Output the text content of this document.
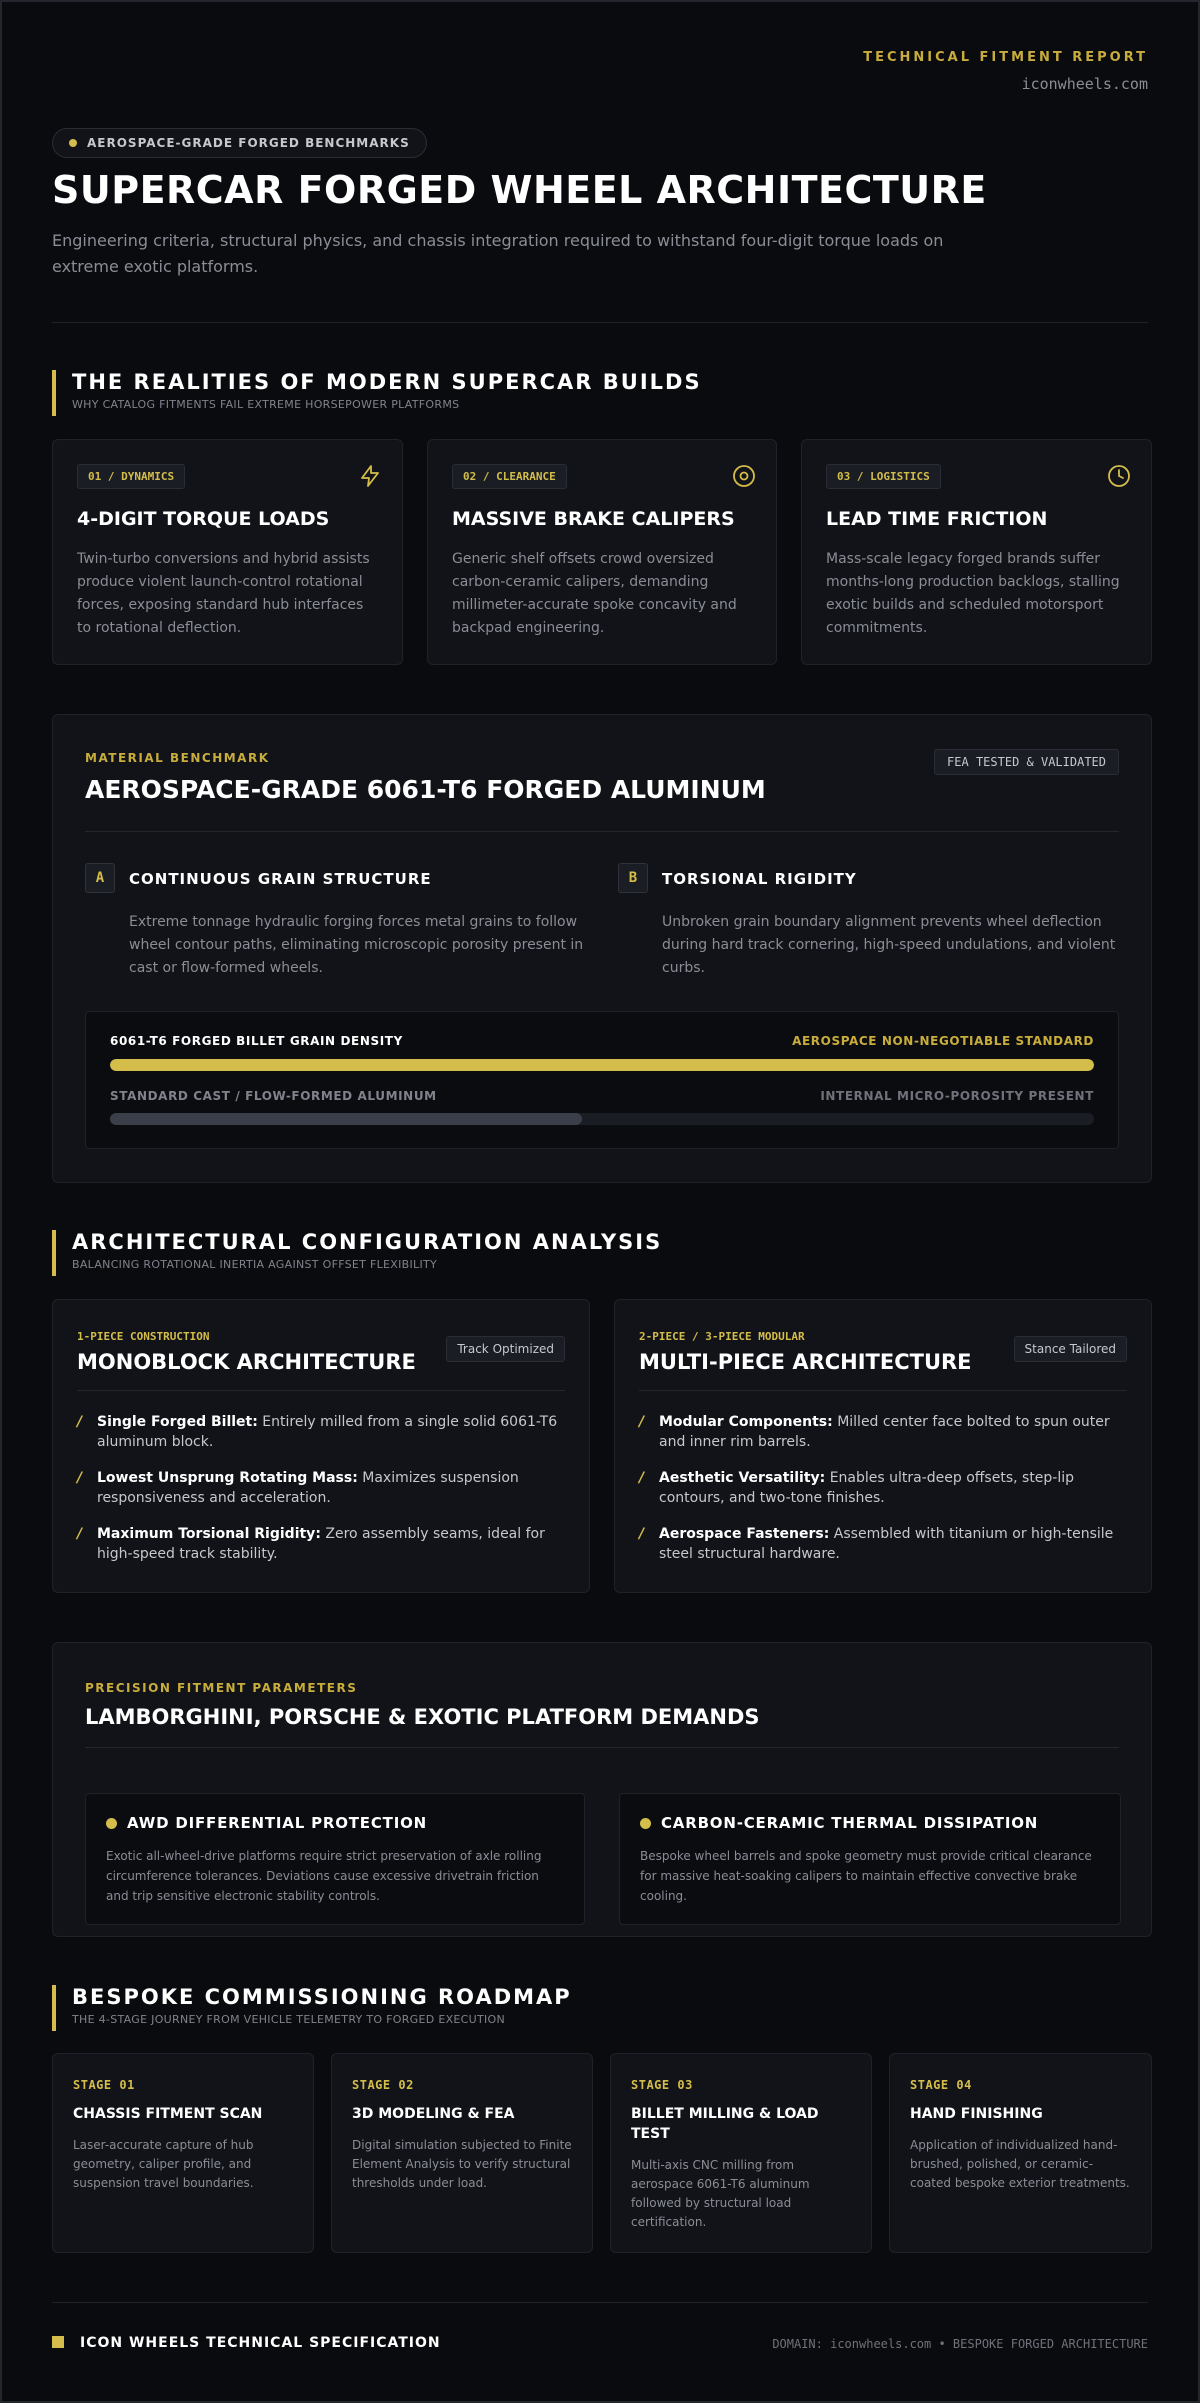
TECHNICAL FITMENT REPORT
iconwheels.com
AEROSPACE-GRADE FORGED BENCHMARKS
SUPERCAR FORGED WHEEL ARCHITECTURE

Engineering criteria, structural physics, and chassis integration required to withstand four-digit torque loads on extreme exotic platforms.

THE REALITIES OF MODERN SUPERCAR BUILDS
WHY CATALOG FITMENTS FAIL EXTREME HORSEPOWER PLATFORMS
01 / DYNAMICS
4-DIGIT TORQUE LOADS
Twin-turbo conversions and hybrid assists produce violent launch-control rotational forces, exposing standard hub interfaces to rotational deflection.
02 / CLEARANCE
MASSIVE BRAKE CALIPERS
Generic shelf offsets crowd oversized carbon-ceramic calipers, demanding millimeter-accurate spoke concavity and backpad engineering.
03 / LOGISTICS
LEAD TIME FRICTION
Mass-scale legacy forged brands suffer months-long production backlogs, stalling exotic builds and scheduled motorsport commitments.
MATERIAL BENCHMARK
AEROSPACE-GRADE 6061-T6 FORGED ALUMINUM
FEA TESTED & VALIDATED
A	CONTINUOUS GRAIN STRUCTURE
Extreme tonnage hydraulic forging forces metal grains to follow wheel contour paths, eliminating microscopic porosity present in cast or flow-formed wheels.
B	TORSIONAL RIGIDITY
Unbroken grain boundary alignment prevents wheel deflection during hard track cornering, high-speed undulations, and violent curbs.
6061-T6 FORGED BILLET GRAIN DENSITY	AEROSPACE NON-NEGOTIABLE STANDARD
STANDARD CAST / FLOW-FORMED ALUMINUM	INTERNAL MICRO-POROSITY PRESENT
ARCHITECTURAL CONFIGURATION ANALYSIS
BALANCING ROTATIONAL INERTIA AGAINST OFFSET FLEXIBILITY
1-PIECE CONSTRUCTION
MONOBLOCK ARCHITECTURE
Track Optimized
/ Single Forged Billet: Entirely milled from a single solid 6061-T6 aluminum block.
/ Lowest Unsprung Rotating Mass: Maximizes suspension responsiveness and acceleration.
/ Maximum Torsional Rigidity: Zero assembly seams, ideal for high-speed track stability.
2-PIECE / 3-PIECE MODULAR
MULTI-PIECE ARCHITECTURE
Stance Tailored
/ Modular Components: Milled center face bolted to spun outer and inner rim barrels.
/ Aesthetic Versatility: Enables ultra-deep offsets, step-lip contours, and two-tone finishes.
/ Aerospace Fasteners: Assembled with titanium or high-tensile steel structural hardware.
PRECISION FITMENT PARAMETERS
LAMBORGHINI, PORSCHE & EXOTIC PLATFORM DEMANDS
AWD DIFFERENTIAL PROTECTION
Exotic all-wheel-drive platforms require strict preservation of axle rolling circumference tolerances. Deviations cause excessive drivetrain friction and trip sensitive electronic stability controls.
CARBON-CERAMIC THERMAL DISSIPATION
Bespoke wheel barrels and spoke geometry must provide critical clearance for massive heat-soaking calipers to maintain effective convective brake cooling.
BESPOKE COMMISSIONING ROADMAP
THE 4-STAGE JOURNEY FROM VEHICLE TELEMETRY TO FORGED EXECUTION
STAGE 01
CHASSIS FITMENT SCAN
Laser-accurate capture of hub geometry, caliper profile, and suspension travel boundaries.
STAGE 02
3D MODELING & FEA
Digital simulation subjected to Finite Element Analysis to verify structural thresholds under load.
STAGE 03
BILLET MILLING & LOAD TEST
Multi-axis CNC milling from aerospace 6061-T6 aluminum followed by structural load certification.
STAGE 04
HAND FINISHING
Application of individualized hand-brushed, polished, or ceramic-coated bespoke exterior treatments.
ICON WHEELS TECHNICAL SPECIFICATION	DOMAIN: iconwheels.com • BESPOKE FORGED ARCHITECTURE
